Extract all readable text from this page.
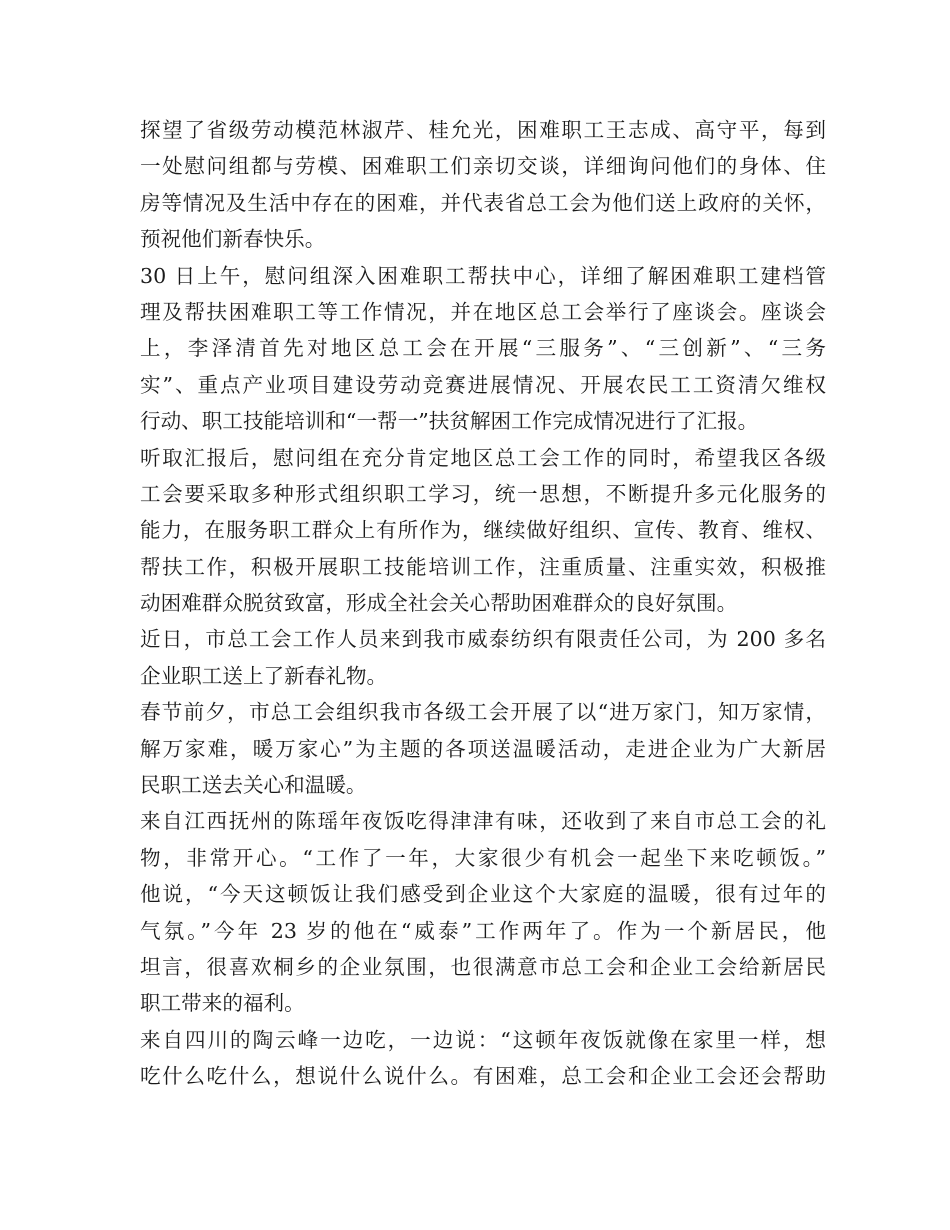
探望了省级劳动模范林淑芹、桂允光，困难职工王志成、高守平，每到
一处慰问组都与劳模、困难职工们亲切交谈，详细询问他们的身体、住
房等情况及生活中存在的困难，并代表省总工会为他们送上政府的关怀，
预祝他们新春快乐。
30 日上午，慰问组深入困难职工帮扶中心，详细了解困难职工建档管
理及帮扶困难职工等工作情况，并在地区总工会举行了座谈会。座谈会
上，李泽清首先对地区总工会在开展“三服务”、“三创新”、“三务
实”、重点产业项目建设劳动竞赛进展情况、开展农民工工资清欠维权
行动、职工技能培训和“一帮一”扶贫解困工作完成情况进行了汇报。
听取汇报后，慰问组在充分肯定地区总工会工作的同时，希望我区各级
工会要采取多种形式组织职工学习，统一思想，不断提升多元化服务的
能力，在服务职工群众上有所作为，继续做好组织、宣传、教育、维权、
帮扶工作，积极开展职工技能培训工作，注重质量、注重实效，积极推
动困难群众脱贫致富，形成全社会关心帮助困难群众的良好氛围。
近日，市总工会工作人员来到我市威泰纺织有限责任公司，为 200 多名
企业职工送上了新春礼物。
春节前夕，市总工会组织我市各级工会开展了以“进万家门，知万家情，
解万家难，暖万家心”为主题的各项送温暖活动，走进企业为广大新居
民职工送去关心和温暖。
来自江西抚州的陈瑶年夜饭吃得津津有味，还收到了来自市总工会的礼
物，非常开心。“工作了一年，大家很少有机会一起坐下来吃顿饭。”
他说，“今天这顿饭让我们感受到企业这个大家庭的温暖，很有过年的
气氛。”今年 23 岁的他在“威泰”工作两年了。作为一个新居民，他
坦言，很喜欢桐乡的企业氛围，也很满意市总工会和企业工会给新居民
职工带来的福利。
来自四川的陶云峰一边吃，一边说：“这顿年夜饭就像在家里一样，想
吃什么吃什么，想说什么说什么。有困难，总工会和企业工会还会帮助
